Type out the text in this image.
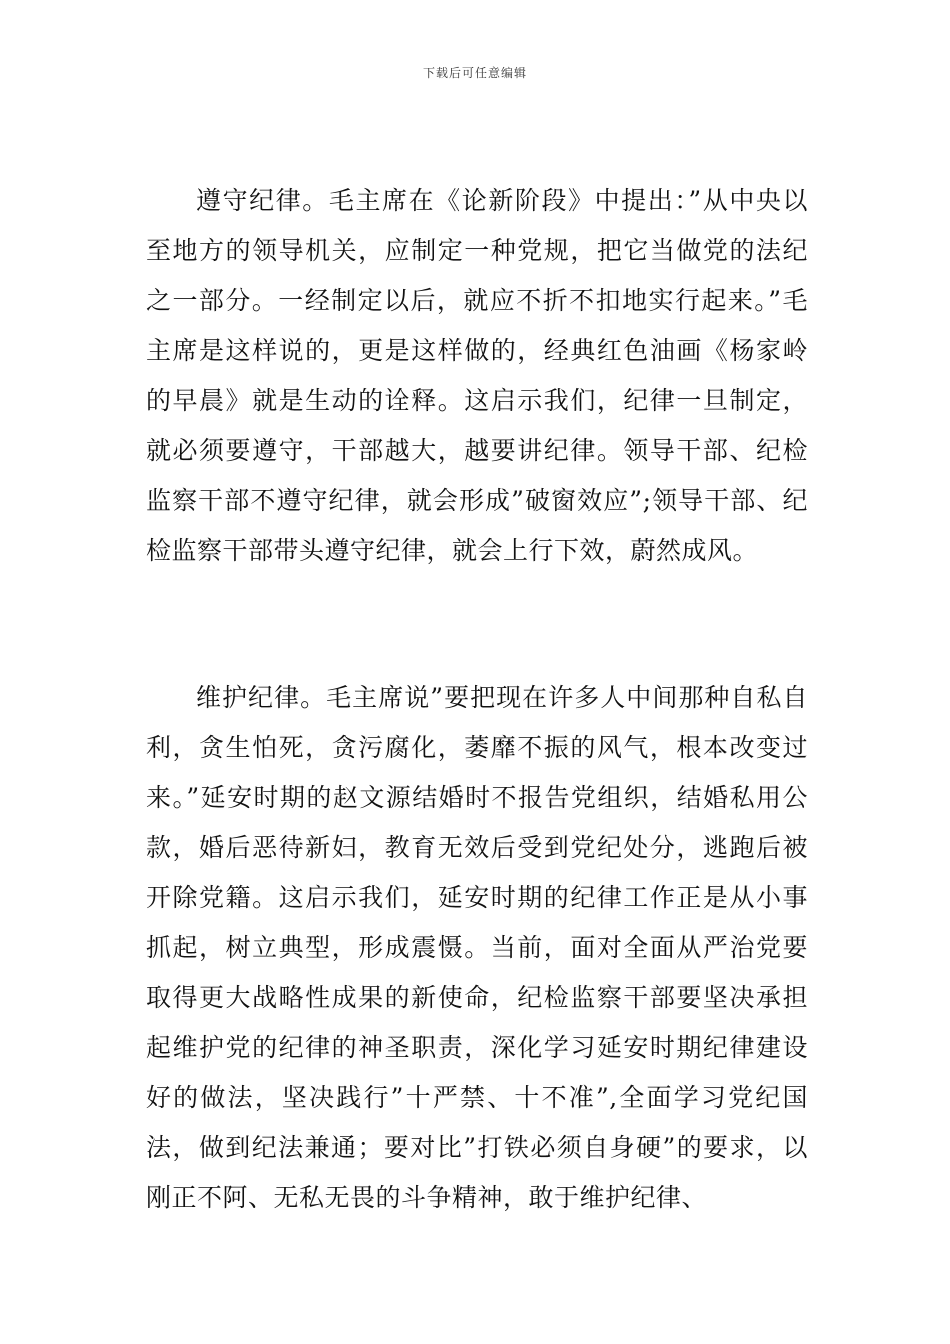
下载后可任意编辑

遵守纪律。毛主席在《论新阶段》中提出：”从中央以至地方的领导机关，应制定一种党规，把它当做党的法纪之一部分。一经制定以后，就应不折不扣地实行起来。”毛主席是这样说的，更是这样做的，经典红色油画《杨家岭的早晨》就是生动的诠释。这启示我们，纪律一旦制定，就必须要遵守，干部越大，越要讲纪律。领导干部、纪检监察干部不遵守纪律，就会形成”破窗效应”;领导干部、纪检监察干部带头遵守纪律，就会上行下效，蔚然成风。

维护纪律。毛主席说”要把现在许多人中间那种自私自利，贪生怕死，贪污腐化，萎靡不振的风气，根本改变过来。”延安时期的赵文源结婚时不报告党组织，结婚私用公款，婚后恶待新妇，教育无效后受到党纪处分，逃跑后被开除党籍。这启示我们，延安时期的纪律工作正是从小事抓起，树立典型，形成震慑。当前，面对全面从严治党要取得更大战略性成果的新使命，纪检监察干部要坚决承担起维护党的纪律的神圣职责，深化学习延安时期纪律建设好的做法，坚决践行”十严禁、十不准”,全面学习党纪国法，做到纪法兼通；要对比”打铁必须自身硬”的要求，以刚正不阿、无私无畏的斗争精神，敢于维护纪律、
